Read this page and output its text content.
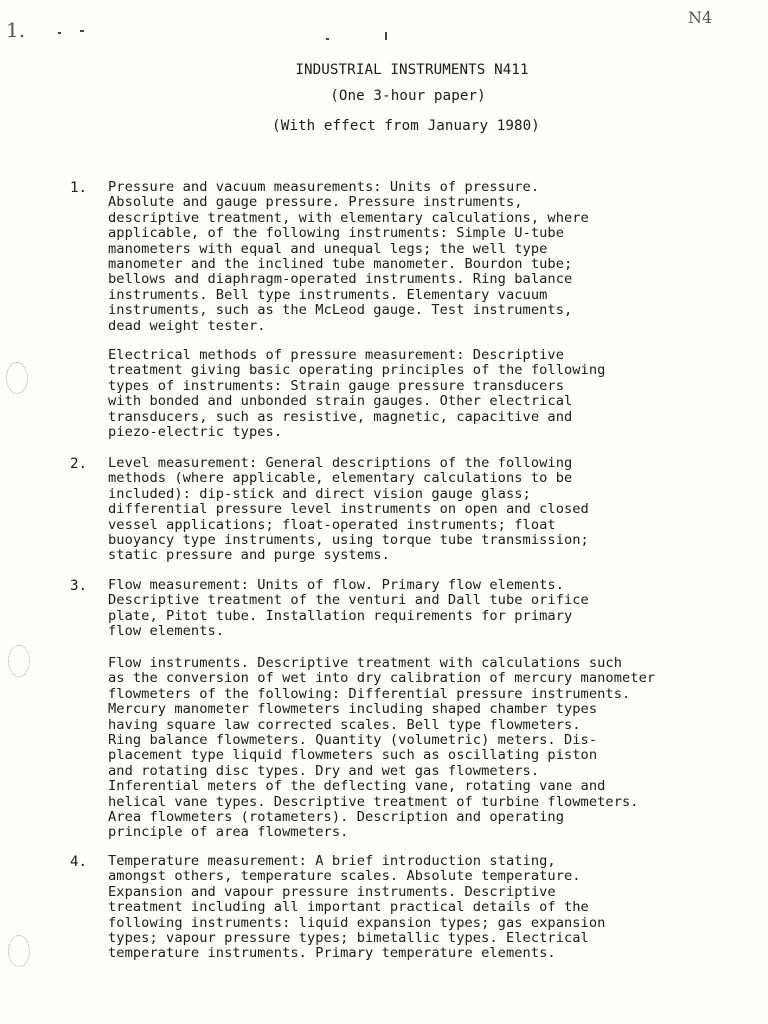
1.
N4
INDUSTRIAL INSTRUMENTS N411
(One 3-hour paper)
(With effect from January 1980)
1. Pressure and vacuum measurements: Units of pressure.
Absolute and gauge pressure. Pressure instruments,
descriptive treatment, with elementary calculations, where
applicable, of the following instruments: Simple U-tube
manometers with equal and unequal legs; the well type
manometer and the inclined tube manometer. Bourdon tube;
bellows and diaphragm-operated instruments. Ring balance
instruments. Bell type instruments. Elementary vacuum
instruments, such as the McLeod gauge. Test instruments,
dead weight tester.
Electrical methods of pressure measurement: Descriptive
treatment giving basic operating principles of the following
types of instruments: Strain gauge pressure transducers
with bonded and unbonded strain gauges. Other electrical
transducers, such as resistive, magnetic, capacitive and
piezo-electric types.
2. Level measurement: General descriptions of the following
methods (where applicable, elementary calculations to be
included): dip-stick and direct vision gauge glass;
differential pressure level instruments on open and closed
vessel applications; float-operated instruments; float
buoyancy type instruments, using torque tube transmission;
static pressure and purge systems.
3. Flow measurement: Units of flow. Primary flow elements.
Descriptive treatment of the venturi and Dall tube orifice
plate, Pitot tube. Installation requirements for primary
flow elements.
Flow instruments. Descriptive treatment with calculations such
as the conversion of wet into dry calibration of mercury manometer
flowmeters of the following: Differential pressure instruments.
Mercury manometer flowmeters including shaped chamber types
having square law corrected scales. Bell type flowmeters.
Ring balance flowmeters. Quantity (volumetric) meters. Dis-
placement type liquid flowmeters such as oscillating piston
and rotating disc types. Dry and wet gas flowmeters.
Inferential meters of the deflecting vane, rotating vane and
helical vane types. Descriptive treatment of turbine flowmeters.
Area flowmeters (rotameters). Description and operating
principle of area flowmeters.
4. Temperature measurement: A brief introduction stating,
amongst others, temperature scales. Absolute temperature.
Expansion and vapour pressure instruments. Descriptive
treatment including all important practical details of the
following instruments: liquid expansion types; gas expansion
types; vapour pressure types; bimetallic types. Electrical
temperature instruments. Primary temperature elements.
